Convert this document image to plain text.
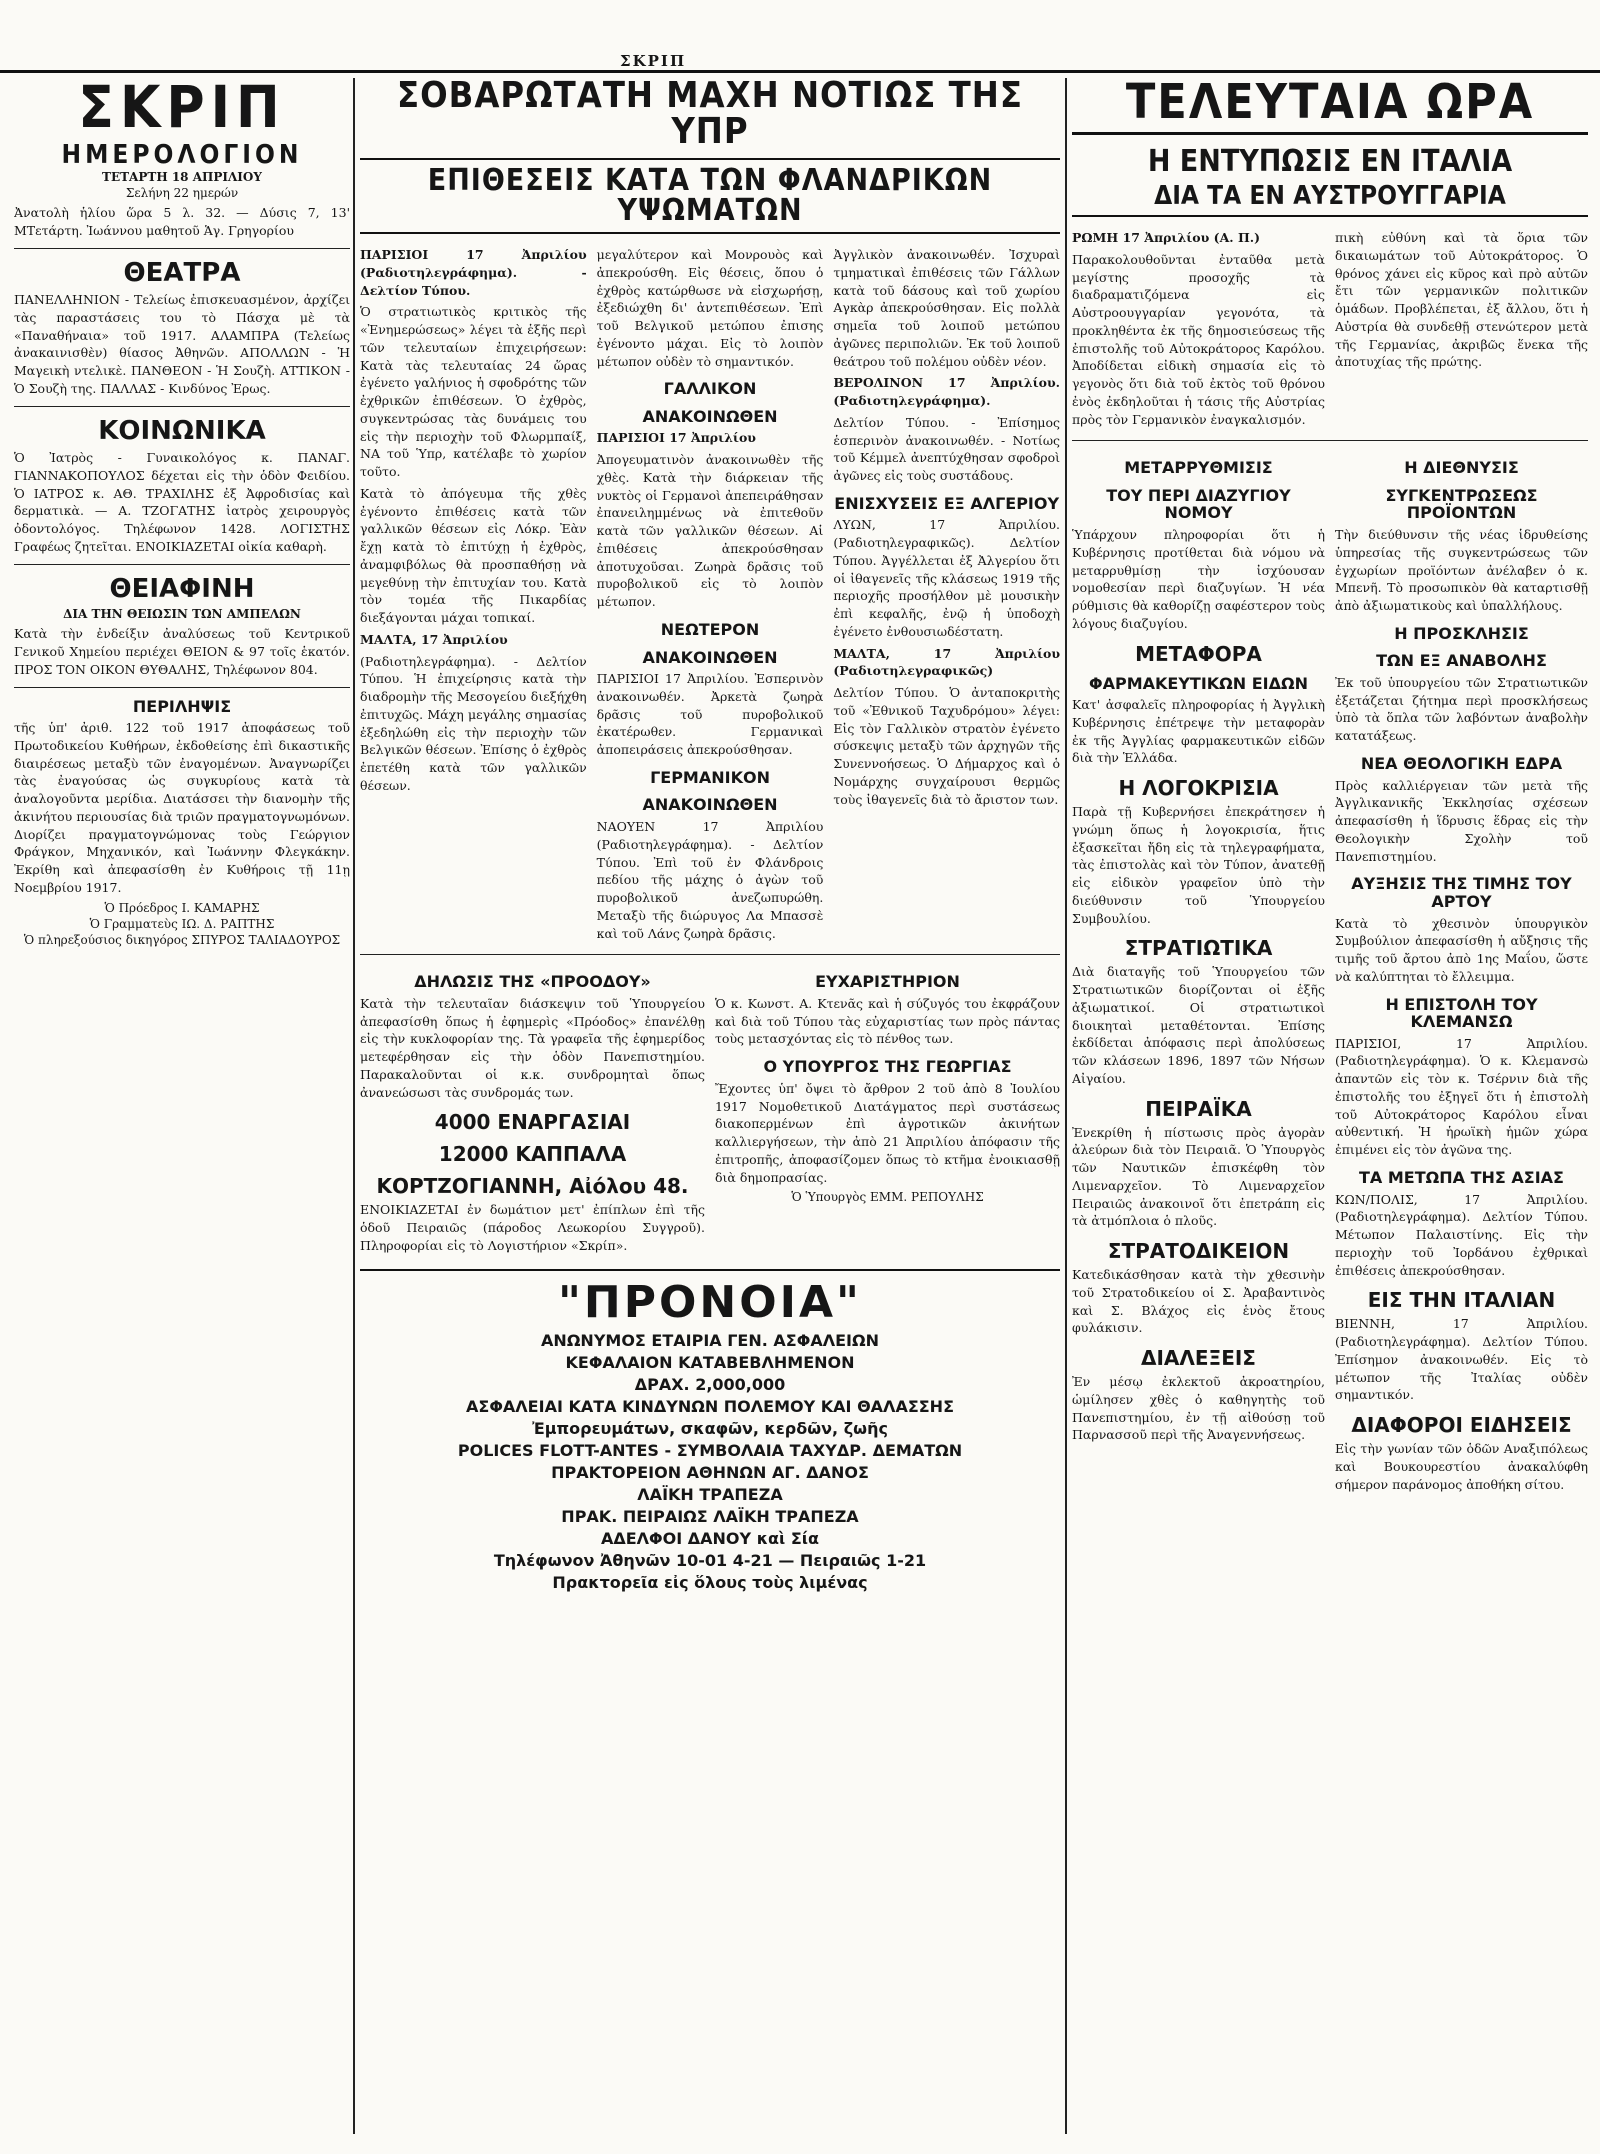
ΣΚΡΙΠ
ΣΚΡΙΠ
ΗΜΕΡΟΛΟΓΙΟΝ
ΤΕΤΑΡΤΗ 18 ΑΠΡΙΛΙΟΥ
Σελήνη 22 ημερών

Ἀνατολὴ ἡλίου ὥρα 5 λ. 32. — Δύσις 7, 13' ΜΤετάρτη. Ἰωάννου μαθητοῦ Ἁγ. Γρηγορίου

ΘΕΑΤΡΑ

ΠΑΝΕΛΛΗΝΙΟΝ - Τελείως ἐπισκευασμένον, ἀρχίζει τὰς παραστάσεις του τὸ Πάσχα μὲ τὰ «Παναθήναια» τοῦ 1917. ΑΛΑΜΠΡΑ (Τελείως ἀνακαινισθὲν) θίασος Ἀθηνῶν. ΑΠΟΛΛΩΝ - Ἡ Μαγεικὴ ντελικὲ. ΠΑΝΘΕΟΝ - Ἡ Σουζὴ. ΑΤΤΙΚΟΝ - Ὁ Σουζὴ της. ΠΑΛΛΑΣ - Κινδύνος Ἐρως.

ΚΟΙΝΩΝΙΚΑ

Ὁ Ἰατρὸς - Γυναικολόγος κ. ΠΑΝΑΓ. ΓΙΑΝΝΑΚΟΠΟΥΛΟΣ δέχεται εἰς τὴν ὁδὸν Φειδίου. Ὁ ΙΑΤΡΟΣ κ. ΑΘ. ΤΡΑΧΙΛΗΣ ἐξ Ἀφροδισίας καὶ δερματικὰ. — Α. ΤΖΟΓΑΤΗΣ ἰατρὸς χειρουργὸς ὀδοντολόγος. Τηλέφωνον 1428. ΛΟΓΙΣΤΗΣ Γραφέως ζητεῖται. ΕΝΟΙΚΙΑΖΕΤΑΙ οἰκία καθαρὴ.

ΘΕΙΑΦΙΝΗ
ΔΙΑ ΤΗΝ ΘΕΙΩΣΙΝ ΤΩΝ ΑΜΠΕΛΩΝ

Κατὰ τὴν ἐνδείξιν ἀναλύσεως τοῦ Κεντρικοῦ Γενικοῦ Χημείου περιέχει ΘΕΙΟΝ & 97 τοῖς ἑκατόν. ΠΡΟΣ ΤΟΝ ΟΙΚΟΝ ΘΥΘΑΛΗΣ, Τηλέφωνον 804.

ΠΕΡΙΛΗΨΙΣ

τῆς ὑπ' ἀριθ. 122 τοῦ 1917 ἀποφάσεως τοῦ Πρωτοδικείου Κυθήρων, ἐκδοθείσης ἐπὶ δικαστικῆς διαιρέσεως μεταξὺ τῶν ἐναγομένων. Ἀναγνωρίζει τὰς ἐναγούσας ὡς συγκυρίους κατὰ τὰ ἀναλογοῦντα μερίδια. Διατάσσει τὴν διανομὴν τῆς ἀκινήτου περιουσίας διὰ τριῶν πραγματογνωμόνων. Διορίζει πραγματογνώμονας τοὺς Γεώργιον Φράγκον, Μηχανικόν, καὶ Ἰωάννην Φλεγκάκην. Ἐκρίθη καὶ ἀπεφασίσθη ἐν Κυθήροις τῇ 11ῃ Νοεμβρίου 1917.

Ὁ Πρόεδρος Ι. ΚΑΜΑΡΗΣ
Ὁ Γραμματεὺς ΙΩ. Δ. ΡΑΠΤΗΣ
Ὁ πληρεξούσιος δικηγόρος ΣΠΥΡΟΣ ΤΑΛΙΑΔΟΥΡΟΣ
ΣΟΒΑΡΩΤΑΤΗ ΜΑΧΗ ΝΟΤΙΩΣ ΤΗΣ ΥΠΡ
ΕΠΙΘΕΣΕΙΣ ΚΑΤΑ ΤΩΝ ΦΛΑΝΔΡΙΚΩΝ ΥΨΩΜΑΤΩΝ

ΠΑΡΙΣΙΟΙ 17 Ἀπριλίου (Ραδιοτηλεγράφημα). - Δελτίον Τύπου.

Ὁ στρατιωτικὸς κριτικὸς τῆς «Ἐνημερώσεως» λέγει τὰ ἑξῆς περὶ τῶν τελευταίων ἐπιχειρήσεων: Κατὰ τὰς τελευταίας 24 ὥρας ἐγένετο γαλήνιος ἡ σφοδρότης τῶν ἐχθρικῶν ἐπιθέσεων. Ὁ ἐχθρὸς, συγκεντρώσας τὰς δυνάμεις του εἰς τὴν περιοχὴν τοῦ Φλωρμπαίξ, ΝΑ τοῦ Ὑπρ, κατέλαβε τὸ χωρίον τοῦτο.

Κατὰ τὸ ἀπόγευμα τῆς χθὲς ἐγένοντο ἐπιθέσεις κατὰ τῶν γαλλικῶν θέσεων εἰς Λόκρ. Ἐὰν ἔχῃ κατὰ τὸ ἐπιτύχῃ ἡ ἐχθρὸς, ἀναμφιβόλως θὰ προσπαθήσῃ νὰ μεγεθύνῃ τὴν ἐπιτυχίαν του. Κατὰ τὸν τομέα τῆς Πικαρδίας διεξάγονται μάχαι τοπικαί.

ΜΑΛΤΑ, 17 Ἀπριλίου

(Ραδιοτηλεγράφημα). - Δελτίον Τύπου. Ἡ ἐπιχείρησις κατὰ τὴν διαδρομὴν τῆς Μεσογείου διεξήχθη ἐπιτυχῶς. Μάχη μεγάλης σημασίας ἐξεδηλώθη εἰς τὴν περιοχὴν τῶν Βελγικῶν θέσεων. Ἐπίσης ὁ ἐχθρὸς ἐπετέθη κατὰ τῶν γαλλικῶν θέσεων.

μεγαλύτερον καὶ Μονρουὸς καὶ ἀπεκρούσθη. Εἰς θέσεις, ὅπου ὁ ἐχθρὸς κατώρθωσε νὰ εἰσχωρήσῃ, ἐξεδιώχθη δι' ἀντεπιθέσεων. Ἐπὶ τοῦ Βελγικοῦ μετώπου ἐπισης ἐγένοντο μάχαι. Εἰς τὸ λοιπὸν μέτωπον οὐδὲν τὸ σημαντικόν.

ΓΑΛΛΙΚΟΝ
ΑΝΑΚΟΙΝΩΘΕΝ

ΠΑΡΙΣΙΟΙ 17 Ἀπριλίου

Ἀπογευματινὸν ἀνακοινωθὲν τῆς χθὲς. Κατὰ τὴν διάρκειαν τῆς νυκτὸς οἱ Γερμανοὶ ἀπεπειράθησαν ἐπανειλημμένως νὰ ἐπιτεθοῦν κατὰ τῶν γαλλικῶν θέσεων. Αἱ ἐπιθέσεις ἀπεκρούσθησαν ἀποτυχοῦσαι. Ζωηρὰ δρᾶσις τοῦ πυροβολικοῦ εἰς τὸ λοιπὸν μέτωπον.

ΝΕΩΤΕΡΟΝ
ΑΝΑΚΟΙΝΩΘΕΝ

ΠΑΡΙΣΙΟΙ 17 Ἀπριλίου. Ἑσπερινὸν ἀνακοινωθέν. Ἀρκετὰ ζωηρὰ δρᾶσις τοῦ πυροβολικοῦ ἐκατέρωθεν. Γερμανικαὶ ἀποπειράσεις ἀπεκρούσθησαν.

ΓΕΡΜΑΝΙΚΟΝ
ΑΝΑΚΟΙΝΩΘΕΝ

ΝΑΟΥΕΝ 17 Ἀπριλίου (Ραδιοτηλεγράφημα). - Δελτίον Τύπου. Ἐπὶ τοῦ ἐν Φλάνδροις πεδίου τῆς μάχης ὁ ἀγὼν τοῦ πυροβολικοῦ ἀνεζωπυρώθη. Μεταξὺ τῆς διώρυγος Λα Μπασσὲ καὶ τοῦ Λάνς ζωηρὰ δρᾶσις.

Ἀγγλικὸν ἀνακοινωθέν. Ἰσχυραὶ τμηματικαὶ ἐπιθέσεις τῶν Γάλλων κατὰ τοῦ δάσους καὶ τοῦ χωρίου Αγκὰρ ἀπεκρούσθησαν. Εἰς πολλὰ σημεῖα τοῦ λοιποῦ μετώπου ἀγῶνες περιπολιῶν. Ἐκ τοῦ λοιποῦ θεάτρου τοῦ πολέμου οὐδὲν νέον.

ΒΕΡΟΛΙΝΟΝ 17 Ἀπριλίου. (Ραδιοτηλεγράφημα).

Δελτίον Τύπου. - Ἐπίσημος ἑσπερινὸν ἀνακοινωθέν. - Νοτίως τοῦ Κέμμελ ἀνεπτύχθησαν σφοδροὶ ἀγῶνες εἰς τοὺς συστάδους.

ΕΝΙΣΧΥΣΕΙΣ ΕΞ ΑΛΓΕΡΙΟΥ

ΛΥΩΝ, 17 Ἀπριλίου. (Ραδιοτηλεγραφικῶς). Δελτίον Τύπου. Ἀγγέλλεται ἐξ Ἀλγερίου ὅτι οἱ ἰθαγενεῖς τῆς κλάσεως 1919 τῆς περιοχῆς προσήλθον μὲ μουσικὴν ἐπὶ κεφαλῆς, ἐνῷ ἡ ὑποδοχὴ ἐγένετο ἐνθουσιωδέστατη.

ΜΑΛΤΑ, 17 Ἀπριλίου (Ραδιοτηλεγραφικῶς)

Δελτίον Τύπου. Ὁ ἀνταποκριτὴς τοῦ «Ἐθνικοῦ Ταχυδρόμου» λέγει: Εἰς τὸν Γαλλικὸν στρατὸν ἐγένετο σύσκεψις μεταξὺ τῶν ἀρχηγῶν τῆς Συνεννοήσεως. Ὁ Δήμαρχος καὶ ὁ Νομάρχης συγχαίρουσι θερμῶς τοὺς ἰθαγενεῖς διὰ τὸ ἄριστον των.

ΔΗΛΩΣΙΣ ΤΗΣ «ΠΡΟΟΔΟΥ»

Κατὰ τὴν τελευταῖαν διάσκεψιν τοῦ Ὑπουργείου ἀπεφασίσθη ὅπως ἡ ἐφημερὶς «Πρόοδος» ἐπανέλθῃ εἰς τὴν κυκλοφορίαν της. Τὰ γραφεῖα τῆς ἐφημερίδος μετεφέρθησαν εἰς τὴν ὁδὸν Πανεπιστημίου. Παρακαλοῦνται οἱ κ.κ. συνδρομηταὶ ὅπως ἀνανεώσωσι τὰς συνδρομάς των.

4000 ΕΝΑΡΓΑΣΙΑΙ
12000 ΚΑΠΠΑΛΑ
ΚΟΡΤΖΟΓΙΑΝΝΗ, Αἰόλου 48.

ΕΝΟΙΚΙΑΖΕΤΑΙ ἐν δωμάτιον μετ' ἐπίπλων ἐπὶ τῆς ὁδοῦ Πειραιῶς (πάροδος Λεωκορίου Συγγροῦ). Πληροφορίαι εἰς τὸ Λογιστήριον «Σκρίπ».

ΕΥΧΑΡΙΣΤΗΡΙΟΝ

Ὁ κ. Κωνστ. Α. Κτενᾶς καὶ ἡ σύζυγός του ἐκφράζουν καὶ διὰ τοῦ Τύπου τὰς εὐχαριστίας των πρὸς πάντας τοὺς μετασχόντας εἰς τὸ πένθος των.

Ο ΥΠΟΥΡΓΟΣ ΤΗΣ ΓΕΩΡΓΙΑΣ

Ἔχοντες ὑπ' ὄψει τὸ ἄρθρον 2 τοῦ ἀπὸ 8 Ἰουλίου 1917 Νομοθετικοῦ Διατάγματος περὶ συστάσεως διακοπερμένων ἐπὶ ἀγροτικῶν ἀκινήτων καλλιεργήσεων, τὴν ἀπὸ 21 Ἀπριλίου ἀπόφασιν τῆς ἐπιτροπῆς, ἀποφασίζομεν ὅπως τὸ κτῆμα ἐνοικιασθῇ διὰ δημοπρασίας.

Ὁ Ὑπουργὸς ΕΜΜ. ΡΕΠΟΥΛΗΣ
"ΠΡΟΝΟΙΑ"
ΑΝΩΝΥΜΟΣ ΕΤΑΙΡΙΑ ΓΕΝ. ΑΣΦΑΛΕΙΩΝ
ΚΕΦΑΛΑΙΟΝ ΚΑΤΑΒΕΒΛΗΜΕΝΟΝ
ΔΡΑΧ. 2,000,000
ΑΣΦΑΛΕΙΑΙ ΚΑΤΑ ΚΙΝΔΥΝΩΝ ΠΟΛΕΜΟΥ ΚΑΙ ΘΑΛΑΣΣΗΣ
Ἐμπορευμάτων, σκαφῶν, κερδῶν, ζωῆς
POLICES FLOTT-ANTES - ΣΥΜΒΟΛΑΙΑ ΤΑΧΥΔΡ. ΔΕΜΑΤΩΝ
ΠΡΑΚΤΟΡΕΙΟΝ ΑΘΗΝΩΝ ΑΓ. ΔΑΝΟΣ
ΛΑΪΚΗ ΤΡΑΠΕΖΑ
ΠΡΑΚ. ΠΕΙΡΑΙΩΣ ΛΑΪΚΗ ΤΡΑΠΕΖΑ
ΑΔΕΛΦΟΙ ΔΑΝΟΥ καὶ Σία
Τηλέφωνον Ἀθηνῶν 10-01 4-21 — Πειραιῶς 1-21
Πρακτορεῖα εἰς ὅλους τοὺς λιμένας
ΤΕΛΕΥΤΑΙΑ ΩΡΑ
Η ΕΝΤΥΠΩΣΙΣ ΕΝ ΙΤΑΛΙΑ
ΔΙΑ ΤΑ ΕΝ ΑΥΣΤΡΟΥΓΓΑΡΙΑ

ΡΩΜΗ 17 Ἀπριλίου (Α. Π.)

Παρακολουθοῦνται ἐνταῦθα μετὰ μεγίστης προσοχῆς τὰ διαδραματιζόμενα εἰς Αὐστροουγγαρίαν γεγονότα, τὰ προκληθέντα ἐκ τῆς δημοσιεύσεως τῆς ἐπιστολῆς τοῦ Αὐτοκράτορος Καρόλου. Ἀποδίδεται εἰδικὴ σημασία εἰς τὸ γεγονὸς ὅτι διὰ τοῦ ἐκτὸς τοῦ θρόνου ἐνὸς ἐκδηλοῦται ἡ τάσις τῆς Αὐστρίας πρὸς τὸν Γερμανικὸν ἐναγκαλισμόν.

πικὴ εὐθύνη καὶ τὰ ὅρια τῶν δικαιωμάτων τοῦ Αὐτοκράτορος. Ὁ θρόνος χάνει εἰς κῦρος καὶ πρὸ αὐτῶν ἔτι τῶν γερμανικῶν πολιτικῶν ὁμάδων. Προβλέπεται, ἐξ ἄλλου, ὅτι ἡ Αὐστρία θὰ συνδεθῇ στενώτερον μετὰ τῆς Γερμανίας, ἀκριβῶς ἕνεκα τῆς ἀποτυχίας τῆς πρώτης.

ΜΕΤΑΡΡΥΘΜΙΣΙΣ
ΤΟΥ ΠΕΡΙ ΔΙΑΖΥΓΙΟΥ ΝΟΜΟΥ

Ὑπάρχουν πληροφορίαι ὅτι ἡ Κυβέρνησις προτίθεται διὰ νόμου νὰ μεταρρυθμίσῃ τὴν ἰσχύουσαν νομοθεσίαν περὶ διαζυγίων. Ἡ νέα ρύθμισις θὰ καθορίζῃ σαφέστερον τοὺς λόγους διαζυγίου.

ΜΕΤΑΦΟΡΑ
ΦΑΡΜΑΚΕΥΤΙΚΩΝ ΕΙΔΩΝ

Κατ' ἀσφαλεῖς πληροφορίας ἡ Ἀγγλικὴ Κυβέρνησις ἐπέτρεψε τὴν μεταφορὰν ἐκ τῆς Ἀγγλίας φαρμακευτικῶν εἰδῶν διὰ τὴν Ἑλλάδα.

Η ΛΟΓΟΚΡΙΣΙΑ

Παρὰ τῇ Κυβερνήσει ἐπεκράτησεν ἡ γνώμη ὅπως ἡ λογοκρισία, ἥτις ἐξασκεῖται ἤδη εἰς τὰ τηλεγραφήματα, τὰς ἐπιστολὰς καὶ τὸν Τύπον, ἀνατεθῇ εἰς εἰδικὸν γραφεῖον ὑπὸ τὴν διεύθυνσιν τοῦ Ὑπουργείου Συμβουλίου.

ΣΤΡΑΤΙΩΤΙΚΑ

Διὰ διαταγῆς τοῦ Ὑπουργείου τῶν Στρατιωτικῶν διορίζονται οἱ ἑξῆς ἀξιωματικοί. Οἱ στρατιωτικοὶ διοικηταὶ μεταθέτονται. Ἐπίσης ἐκδίδεται ἀπόφασις περὶ ἀπολύσεως τῶν κλάσεων 1896, 1897 τῶν Νήσων Αἰγαίου.

ΠΕΙΡΑΪΚΑ

Ἐνεκρίθη ἡ πίστωσις πρὸς ἀγορὰν ἀλεύρων διὰ τὸν Πειραιᾶ. Ὁ Ὑπουργὸς τῶν Ναυτικῶν ἐπισκέφθη τὸν Λιμεναρχεῖον. Τὸ Λιμεναρχεῖον Πειραιῶς ἀνακοινοῖ ὅτι ἐπετράπη εἰς τὰ ἀτμόπλοια ὁ πλοῦς.

ΣΤΡΑΤΟΔΙΚΕΙΟΝ

Κατεδικάσθησαν κατὰ τὴν χθεσινὴν τοῦ Στρατοδικείου οἱ Σ. Ἀραβαντινὸς καὶ Σ. Βλάχος εἰς ἑνὸς ἔτους φυλάκισιν.

ΔΙΑΛΕΞΕΙΣ

Ἐν μέσῳ ἐκλεκτοῦ ἀκροατηρίου, ὡμίλησεν χθὲς ὁ καθηγητὴς τοῦ Πανεπιστημίου, ἐν τῇ αἰθούσῃ τοῦ Παρνασσοῦ περὶ τῆς Ἀναγεννήσεως.

Η ΔΙΕΘΝΥΣΙΣ
ΣΥΓΚΕΝΤΡΩΣΕΩΣ ΠΡΟΪΟΝΤΩΝ

Τὴν διεύθυνσιν τῆς νέας ἱδρυθείσης ὑπηρεσίας τῆς συγκεντρώσεως τῶν ἐγχωρίων προϊόντων ἀνέλαβεν ὁ κ. Μπενῆ. Τὸ προσωπικὸν θὰ καταρτισθῇ ἀπὸ ἀξιωματικοὺς καὶ ὑπαλλήλους.

Η ΠΡΟΣΚΛΗΣΙΣ
ΤΩΝ ΕΞ ΑΝΑΒΟΛΗΣ

Ἐκ τοῦ ὑπουργείου τῶν Στρατιωτικῶν ἐξετάζεται ζήτημα περὶ προσκλήσεως ὑπὸ τὰ ὅπλα τῶν λαβόντων ἀναβολὴν κατατάξεως.

ΝΕΑ ΘΕΟΛΟΓΙΚΗ ΕΔΡΑ

Πρὸς καλλιέργειαν τῶν μετὰ τῆς Ἀγγλικανικῆς Ἐκκλησίας σχέσεων ἀπεφασίσθη ἡ ἵδρυσις ἕδρας εἰς τὴν Θεολογικὴν Σχολὴν τοῦ Πανεπιστημίου.

ΑΥΞΗΣΙΣ ΤΗΣ ΤΙΜΗΣ ΤΟΥ ΑΡΤΟΥ

Κατὰ τὸ χθεσινὸν ὑπουργικὸν Συμβούλιον ἀπεφασίσθη ἡ αὔξησις τῆς τιμῆς τοῦ ἄρτου ἀπὸ 1ης Μαΐου, ὥστε νὰ καλύπτηται τὸ ἔλλειμμα.

Η ΕΠΙΣΤΟΛΗ ΤΟΥ ΚΛΕΜΑΝΣΩ

ΠΑΡΙΣΙΟΙ, 17 Ἀπριλίου. (Ραδιοτηλεγράφημα). Ὁ κ. Κλεμανσὼ ἀπαντῶν εἰς τὸν κ. Τσέρνιν διὰ τῆς ἐπιστολῆς του ἐξηγεῖ ὅτι ἡ ἐπιστολὴ τοῦ Αὐτοκράτορος Καρόλου εἶναι αὐθεντική. Ἡ ἡρωϊκὴ ἡμῶν χώρα ἐπιμένει εἰς τὸν ἀγῶνα της.

ΤΑ ΜΕΤΩΠΑ ΤΗΣ ΑΣΙΑΣ

ΚΩΝ/ΠΟΛΙΣ, 17 Ἀπριλίου. (Ραδιοτηλεγράφημα). Δελτίον Τύπου. Μέτωπον Παλαιστίνης. Εἰς τὴν περιοχὴν τοῦ Ἰορδάνου ἐχθρικαὶ ἐπιθέσεις ἀπεκρούσθησαν.

ΕΙΣ ΤΗΝ ΙΤΑΛΙΑΝ

ΒΙΕΝΝΗ, 17 Ἀπριλίου. (Ραδιοτηλεγράφημα). Δελτίον Τύπου. Ἐπίσημον ἀνακοινωθέν. Εἰς τὸ μέτωπον τῆς Ἰταλίας οὐδὲν σημαντικόν.

ΔΙΑΦΟΡΟΙ ΕΙΔΗΣΕΙΣ

Εἰς τὴν γωνίαν τῶν ὁδῶν Αναξιπόλεως καὶ Βουκουρεστίου ἀνακαλύφθη σήμερον παράνομος ἀποθήκη σίτου.
